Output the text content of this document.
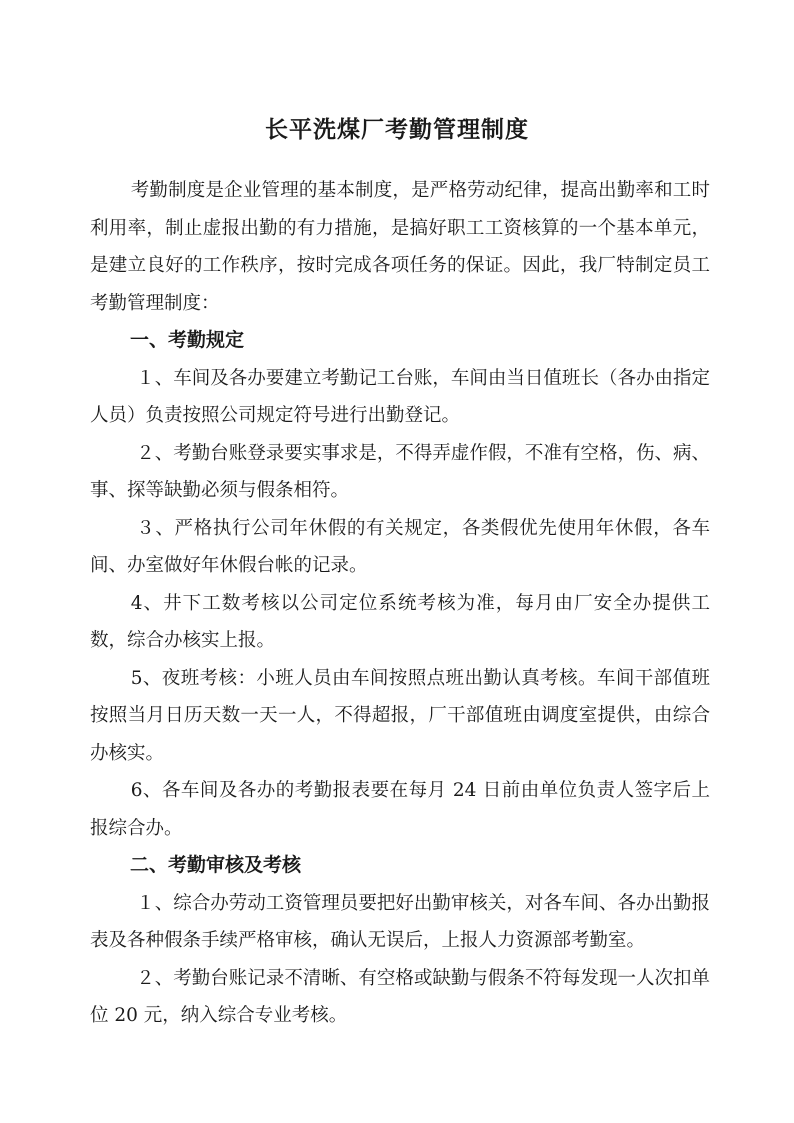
长平洗煤厂考勤管理制度

考勤制度是企业管理的基本制度，是严格劳动纪律，提高出勤率和工时利用率，制止虚报出勤的有力措施，是搞好职工工资核算的一个基本单元，是建立良好的工作秩序，按时完成各项任务的保证。因此，我厂特制定员工考勤管理制度：

一、考勤规定

１、车间及各办要建立考勤记工台账，车间由当日值班长（各办由指定人员）负责按照公司规定符号进行出勤登记。

２、考勤台账登录要实事求是，不得弄虚作假，不准有空格，伤、病、事、探等缺勤必须与假条相符。

３、严格执行公司年休假的有关规定，各类假优先使用年休假，各车间、办室做好年休假台帐的记录。

4、井下工数考核以公司定位系统考核为准，每月由厂安全办提供工数，综合办核实上报。

5、夜班考核：小班人员由车间按照点班出勤认真考核。车间干部值班按照当月日历天数一天一人，不得超报，厂干部值班由调度室提供，由综合办核实。

6、各车间及各办的考勤报表要在每月 24 日前由单位负责人签字后上报综合办。

二、考勤审核及考核

１、综合办劳动工资管理员要把好出勤审核关，对各车间、各办出勤报表及各种假条手续严格审核，确认无误后，上报人力资源部考勤室。

２、考勤台账记录不清晰、有空格或缺勤与假条不符每发现一人次扣单位 20 元，纳入综合专业考核。
